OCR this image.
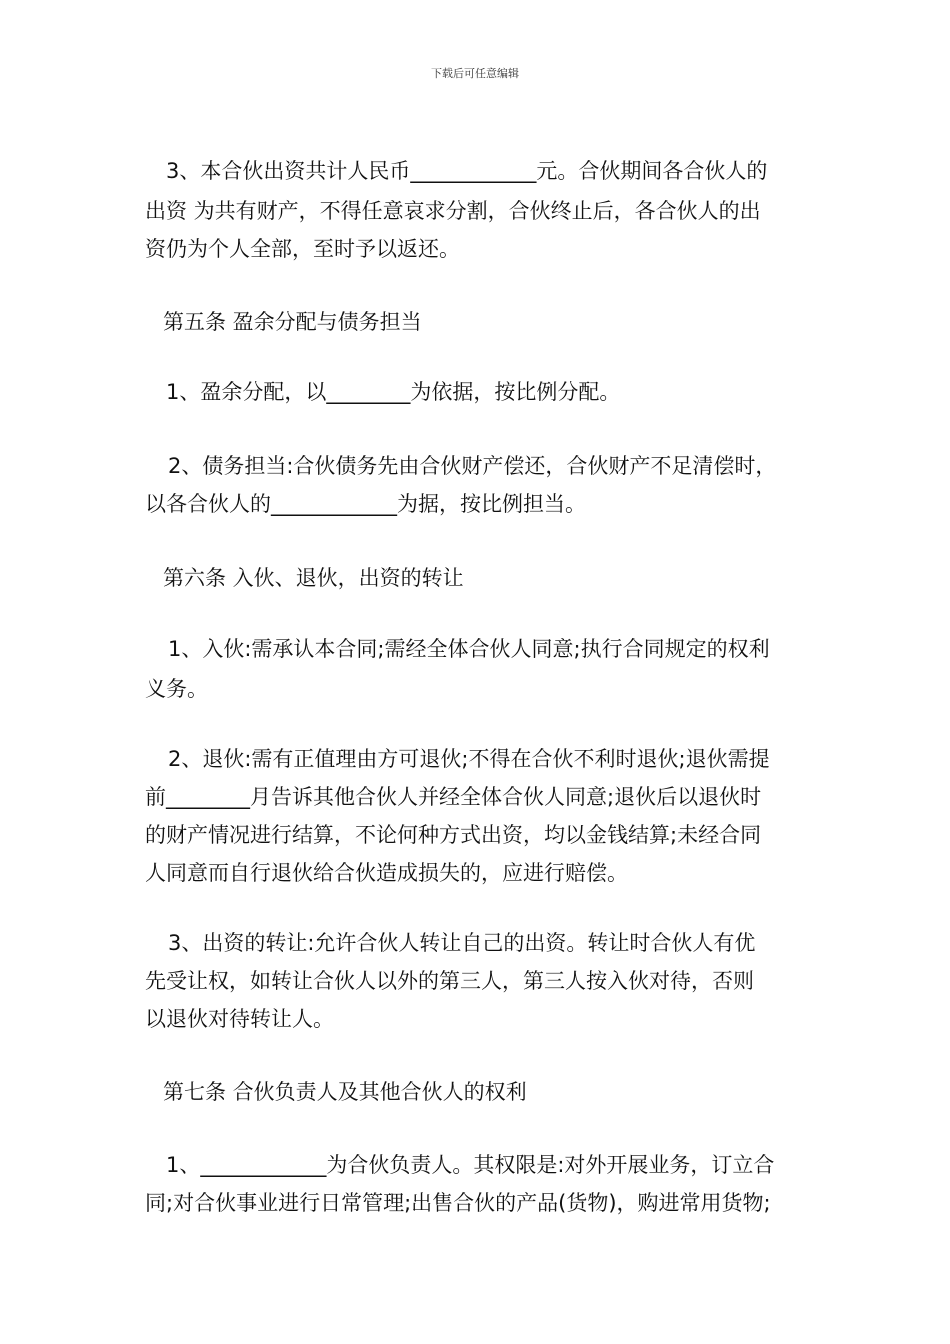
下载后可任意编辑
3、本合伙出资共计人民币____________元。合伙期间各合伙人的
出资 为共有财产，不得任意哀求分割，合伙终止后，各合伙人的出
资仍为个人全部，至时予以返还。
第五条 盈余分配与债务担当
1、盈余分配，以________为依据，按比例分配。
2、债务担当:合伙债务先由合伙财产偿还，合伙财产不足清偿时，
以各合伙人的____________为据，按比例担当。
第六条 入伙、退伙，出资的转让
1、入伙:需承认本合同;需经全体合伙人同意;执行合同规定的权利
义务。
2、退伙:需有正值理由方可退伙;不得在合伙不利时退伙;退伙需提
前________月告诉其他合伙人并经全体合伙人同意;退伙后以退伙时
的财产情况进行结算，不论何种方式出资，均以金钱结算;未经合同
人同意而自行退伙给合伙造成损失的，应进行赔偿。
3、出资的转让:允许合伙人转让自己的出资。转让时合伙人有优
先受让权，如转让合伙人以外的第三人，第三人按入伙对待，否则
以退伙对待转让人。
第七条 合伙负责人及其他合伙人的权利
1、____________为合伙负责人。其权限是:对外开展业务，订立合
同;对合伙事业进行日常管理;出售合伙的产品(货物)，购进常用货物;
